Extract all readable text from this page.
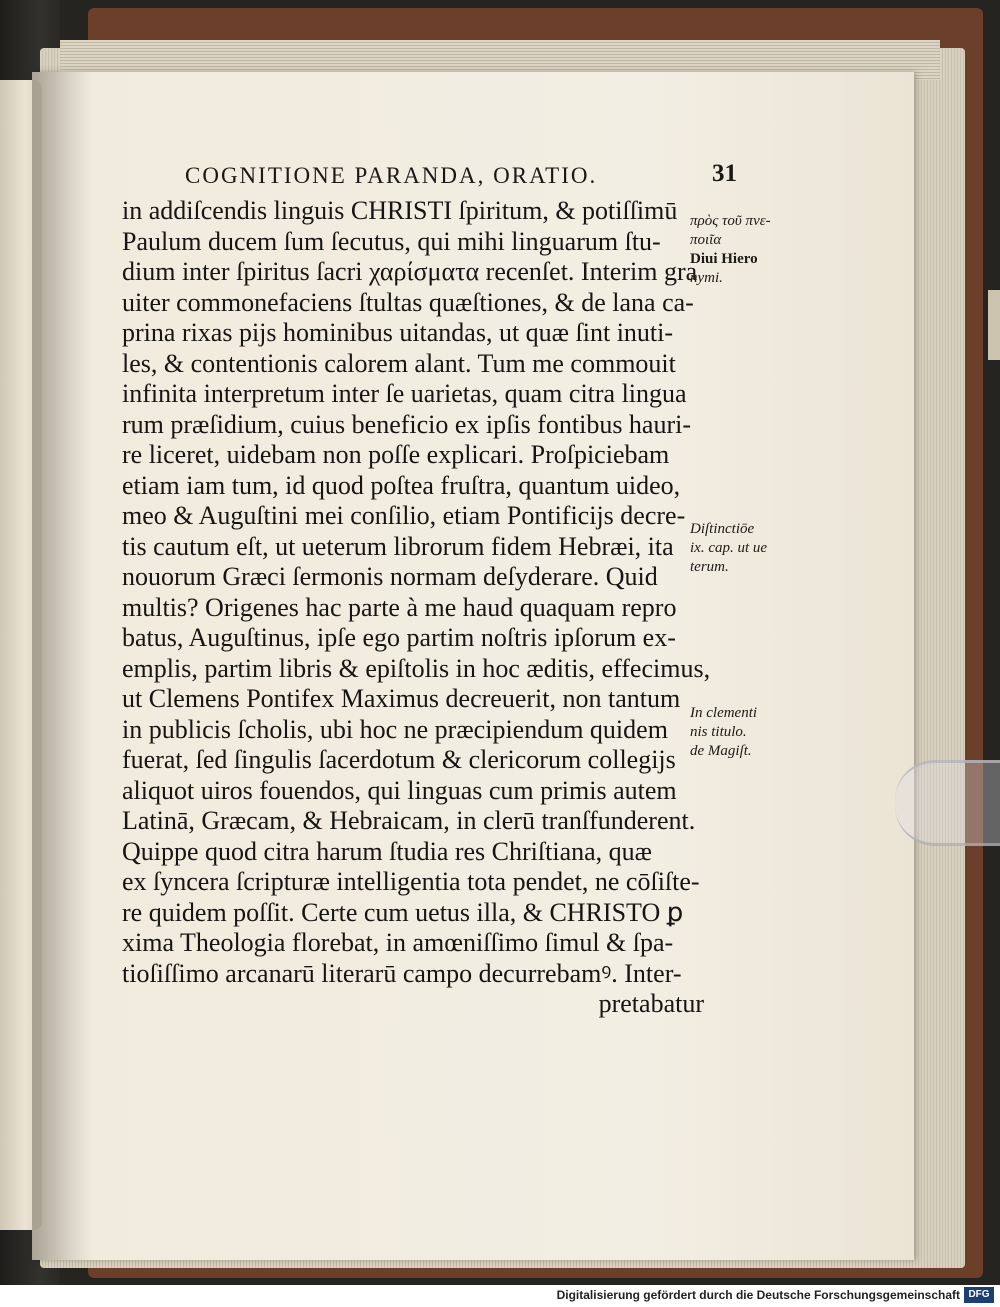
COGNITIONE PARANDA, ORATIO.	31
in addiſcendis linguis CHRISTI ſpiritum, & potiſſimū
Paulum ducem ſum ſecutus, qui mihi linguarum ſtu-
dium inter ſpiritus ſacri χαρίσματα recenſet. Interim gra
uiter commonefaciens ſtultas quæſtiones, & de lana ca-
prina rixas pijs hominibus uitandas, ut quæ ſint inuti-
les, & contentionis calorem alant. Tum me commouit
infinita interpretum inter ſe uarietas, quam citra lingua
rum præſidium, cuius beneficio ex ipſis fontibus hauri-
re liceret, uidebam non poſſe explicari. Proſpiciebam
etiam iam tum, id quod poſtea fruſtra, quantum uideo,
meo & Auguſtini mei conſilio, etiam Pontificijs decre-
tis cautum eſt, ut ueterum librorum fidem Hebræi, ita
nouorum Græci ſermonis normam deſyderare. Quid
multis? Origenes hac parte à me haud quaquam repro
batus, Auguſtinus, ipſe ego partim noſtris ipſorum ex-
emplis, partim libris & epiſtolis in hoc æditis, effecimus,
ut Clemens Pontifex Maximus decreuerit, non tantum
in publicis ſcholis, ubi hoc ne præcipiendum quidem
fuerat, ſed ſingulis ſacerdotum & clericorum collegijs
aliquot uiros fouendos, qui linguas cum primis autem
Latinā, Græcam, & Hebraicam, in clerū tranſfunderent.
Quippe quod citra harum ſtudia res Chriſtiana, quæ
ex ſyncera ſcripturæ intelligentia tota pendet, ne cōſiſte-
re quidem poſſit. Certe cum uetus illa, & CHRISTO ꝑ
xima Theologia florebat, in amœniſſimo ſimul & ſpa-
tioſiſſimo arcanarū literarū campo decurrebamꝰ. Inter-
pretabatur
πρὸς τοῦ πνε-
ποιῖα
Diui Hiero
nymi.
Diſtinctiōe
ix. cap. ut ue
terum.
In clementi
nis titulo.
de Magiſt.
Digitalisierung gefördert durch die Deutsche Forschungsgemeinschaft DFG
